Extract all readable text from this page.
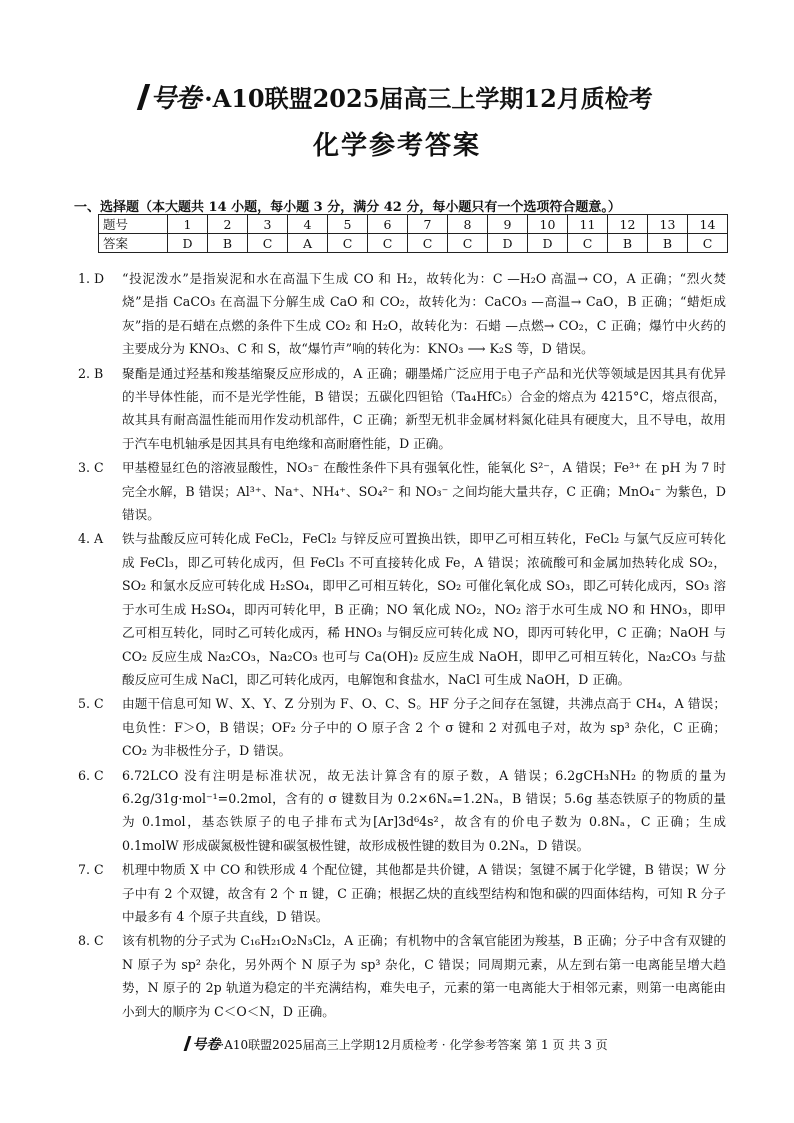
号卷 ·A10联盟2025届高三上学期12月质检考
化学参考答案
一、选择题（本大题共 14 小题，每小题 3 分，满分 42 分，每小题只有一个选项符合题意。）
题号	1	2	3	4	5	6	7	8	9	10	11	12	13	14
答案	D	B	C	A	C	C	C	C	D	D	C	B	B	C
1. D	“投泥泼水”是指炭泥和水在高温下生成 CO 和 H₂，故转化为：C —H₂O 高温→ CO，A 正确；“烈火焚烧”是指 CaCO₃ 在高温下分解生成 CaO 和 CO₂，故转化为：CaCO₃ —高温→ CaO，B 正确；“蜡炬成灰”指的是石蜡在点燃的条件下生成 CO₂ 和 H₂O，故转化为：石蜡 —点燃→ CO₂，C 正确；爆竹中火药的主要成分为 KNO₃、C 和 S，故“爆竹声”响的转化为：KNO₃ ⟶ K₂S 等，D 错误。
2. B	聚酯是通过羟基和羧基缩聚反应形成的，A 正确；硼墨烯广泛应用于电子产品和光伏等领域是因其具有优异的半导体性能，而不是光学性能，B 错误；五碳化四钽铪（Ta₄HfC₅）合金的熔点为 4215°C，熔点很高，故其具有耐高温性能而用作发动机部件，C 正确；新型无机非金属材料氮化硅具有硬度大，且不导电，故用于汽车电机轴承是因其具有电绝缘和高耐磨性能，D 正确。
3. C	甲基橙显红色的溶液显酸性，NO₃⁻ 在酸性条件下具有强氧化性，能氧化 S²⁻，A 错误；Fe³⁺ 在 pH 为 7 时完全水解，B 错误；Al³⁺、Na⁺、NH₄⁺、SO₄²⁻ 和 NO₃⁻ 之间均能大量共存，C 正确；MnO₄⁻ 为紫色，D 错误。
4. A	铁与盐酸反应可转化成 FeCl₂，FeCl₂ 与锌反应可置换出铁，即甲乙可相互转化，FeCl₂ 与氯气反应可转化成 FeCl₃，即乙可转化成丙，但 FeCl₃ 不可直接转化成 Fe，A 错误；浓硫酸可和金属加热转化成 SO₂，SO₂ 和氯水反应可转化成 H₂SO₄，即甲乙可相互转化，SO₂ 可催化氧化成 SO₃，即乙可转化成丙，SO₃ 溶于水可生成 H₂SO₄，即丙可转化甲，B 正确；NO 氧化成 NO₂，NO₂ 溶于水可生成 NO 和 HNO₃，即甲乙可相互转化，同时乙可转化成丙，稀 HNO₃ 与铜反应可转化成 NO，即丙可转化甲，C 正确；NaOH 与 CO₂ 反应生成 Na₂CO₃，Na₂CO₃ 也可与 Ca(OH)₂ 反应生成 NaOH，即甲乙可相互转化，Na₂CO₃ 与盐酸反应可生成 NaCl，即乙可转化成丙，电解饱和食盐水，NaCl 可生成 NaOH，D 正确。
5. C	由题干信息可知 W、X、Y、Z 分别为 F、O、C、S。HF 分子之间存在氢键，共沸点高于 CH₄，A 错误；电负性：F＞O，B 错误；OF₂ 分子中的 O 原子含 2 个 σ 键和 2 对孤电子对，故为 sp³ 杂化，C 正确；CO₂ 为非极性分子，D 错误。
6. C	6.72LCO 没有注明是标准状况，故无法计算含有的原子数，A 错误；6.2gCH₃NH₂ 的物质的量为 6.2g/31g·mol⁻¹=0.2mol，含有的 σ 键数目为 0.2×6Nₐ=1.2Nₐ，B 错误；5.6g 基态铁原子的物质的量为 0.1mol，基态铁原子的电子排布式为[Ar]3d⁶4s²，故含有的价电子数为 0.8Nₐ，C 正确；生成 0.1molW 形成碳氮极性键和碳氢极性键，故形成极性键的数目为 0.2Nₐ，D 错误。
7. C	机理中物质 X 中 CO 和铁形成 4 个配位键，其他都是共价键，A 错误；氢键不属于化学键，B 错误；W 分子中有 2 个双键，故含有 2 个 π 键，C 正确；根据乙炔的直线型结构和饱和碳的四面体结构，可知 R 分子中最多有 4 个原子共直线，D 错误。
8. C	该有机物的分子式为 C₁₆H₂₁O₂N₃Cl₂，A 正确；有机物中的含氧官能团为羧基，B 正确；分子中含有双键的 N 原子为 sp² 杂化，另外两个 N 原子为 sp³ 杂化，C 错误；同周期元素，从左到右第一电离能呈增大趋势，N 原子的 2p 轨道为稳定的半充满结构，难失电子，元素的第一电离能大于相邻元素，则第一电离能由小到大的顺序为 C＜O＜N，D 正确。
号卷·A10联盟2025届高三上学期12月质检考 · 化学参考答案 第 1 页 共 3 页
